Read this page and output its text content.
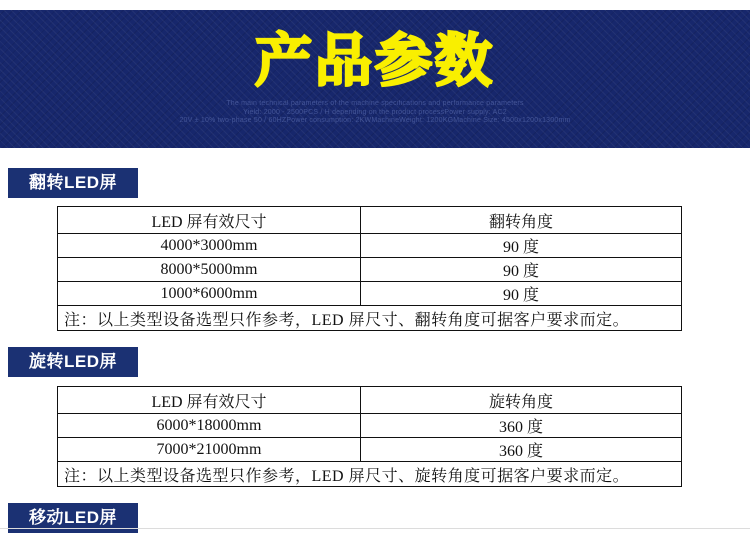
产品参数
The main technical parameters of the machine specifications and performance parameters
Yield: 2000 - 2500PCS / H depending on the product processPower supply: AC2
20V ± 10% two-phase 50 / 60HZPower consumption: 2KWMachineWeight: 1200KGMachine Size: 4500x1200x1300mm
翻转LED屏
LED 屏有效尺寸	翻转角度
4000*3000mm	90 度
8000*5000mm	90 度
1000*6000mm	90 度
注：以上类型设备选型只作参考，LED 屏尺寸、翻转角度可据客户要求而定。	
旋转LED屏
LED 屏有效尺寸	旋转角度
6000*18000mm	360 度
7000*21000mm	360 度
注：以上类型设备选型只作参考，LED 屏尺寸、旋转角度可据客户要求而定。	
移动LED屏
